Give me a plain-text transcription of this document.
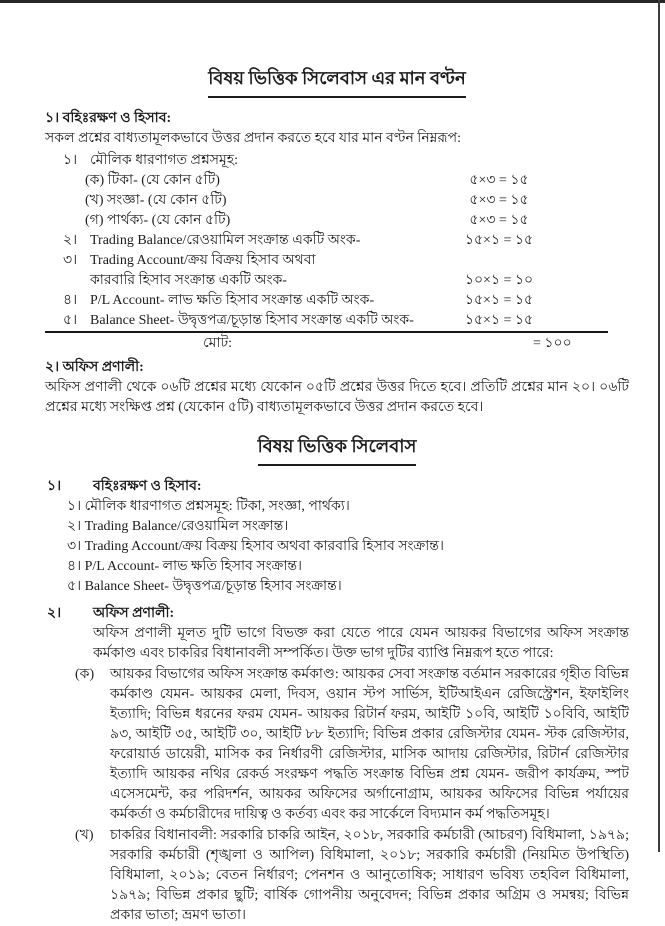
বিষয় ভিত্তিক সিলেবাস এর মান বণ্টন
১। বহিঃরক্ষণ ও হিসাব:

সকল প্রশ্নের বাধ্যতামূলকভাবে উত্তর প্রদান করতে হবে যার মান বণ্টন নিম্নরূপ:

১। মৌলিক ধারণাগত প্রশ্নসমূহ:
(ক) টিকা- (যে কোন ৫টি)	৫×৩ = ১৫
(খ) সংজ্ঞা- (যে কোন ৫টি)	৫×৩ = ১৫
(গ) পার্থক্য- (যে কোন ৫টি)	৫×৩ = ১৫
২। Trading Balance/রেওয়ামিল সংক্রান্ত একটি অংক-	১৫×১ = ১৫
৩। Trading Account/ক্রয় বিক্রয় হিসাব অথবা
কারবারি হিসাব সংক্রান্ত একটি অংক-	১০×১ = ১০
৪। P/L Account- লাভ ক্ষতি হিসাব সংক্রান্ত একটি অংক-	১৫×১ = ১৫
৫। Balance Sheet- উদ্বৃত্তপত্র/চূড়ান্ত হিসাব সংক্রান্ত একটি অংক-	১৫×১ = ১৫
মোট:	= ১০০
২। অফিস প্রণালী:

অফিস প্রণালী থেকে ০৬টি প্রশ্নের মধ্যে যেকোন ০৫টি প্রশ্নের উত্তর দিতে হবে। প্রতিটি প্রশ্নের মান ২০। ০৬টি প্রশ্নের মধ্যে সংক্ষিপ্ত প্রশ্ন (যেকোন ৫টি) বাধ্যতামূলকভাবে উত্তর প্রদান করতে হবে।

বিষয় ভিত্তিক সিলেবাস
১। বহিঃরক্ষণ ও হিসাব:
১। মৌলিক ধারণাগত প্রশ্নসমূহ: টিকা, সংজ্ঞা, পার্থক্য।
২। Trading Balance/রেওয়ামিল সংক্রান্ত।
৩। Trading Account/ক্রয় বিক্রয় হিসাব অথবা কারবারি হিসাব সংক্রান্ত।
৪। P/L Account- লাভ ক্ষতি হিসাব সংক্রান্ত।
৫। Balance Sheet- উদ্বৃত্তপত্র/চূড়ান্ত হিসাব সংক্রান্ত।
২। অফিস প্রণালী:

অফিস প্রণালী মূলত দুটি ভাগে বিভক্ত করা যেতে পারে যেমন আয়কর বিভাগের অফিস সংক্রান্ত কর্মকাণ্ড এবং চাকরির বিধানাবলী সম্পর্কিত। উক্ত ভাগ দুটির ব্যাপ্তি নিম্নরূপ হতে পারে:

(ক) আয়কর বিভাগের অফিস সংক্রান্ত কর্মকাণ্ড: আয়কর সেবা সংক্রান্ত বর্তমান সরকারের গৃহীত বিভিন্ন কর্মকাণ্ড যেমন- আয়কর মেলা, দিবস, ওয়ান স্টপ সার্ভিস, ইটিআইএন রেজিস্ট্রেশন, ইফাইলিং ইত্যাদি; বিভিন্ন ধরনের ফরম যেমন- আয়কর রিটার্ন ফরম, আইটি ১০বি, আইটি ১০বিবি, আইটি ৯৩, আইটি ৩৫, আইটি ৩০, আইটি ৮৮ ইত্যাদি; বিভিন্ন প্রকার রেজিস্টার যেমন- স্টক রেজিস্টার, ফরোয়ার্ড ডায়েরী, মাসিক কর নির্ধারণী রেজিস্টার, মাসিক আদায় রেজিস্টার, রিটার্ন রেজিস্টার ইত্যাদি আয়কর নথির রেকর্ড সংরক্ষণ পদ্ধতি সংক্রান্ত বিভিন্ন প্রশ্ন যেমন- জরীপ কার্যক্রম, স্পট এসেসমেন্ট, কর পরিদর্শন, আয়কর অফিসের অর্গানোগ্রাম, আয়কর অফিসের বিভিন্ন পর্যায়ের কর্মকর্তা ও কর্মচারীদের দায়িত্ব ও কর্তব্য এবং কর সার্কেলে বিদ্যমান কর্ম পদ্ধতিসমূহ।
(খ) চাকরির বিধানাবলী: সরকারি চাকরি আইন, ২০১৮, সরকারি কর্মচারী (আচরণ) বিধিমালা, ১৯৭৯; সরকারি কর্মচারী (শৃঙ্খলা ও আপিল) বিধিমালা, ২০১৮; সরকারি কর্মচারী (নিয়মিত উপস্থিতি) বিধিমালা, ২০১৯; বেতন নির্ধারণ; পেনশন ও আনুতোষিক; সাধারণ ভবিষ্য তহবিল বিধিমালা, ১৯৭৯; বিভিন্ন প্রকার ছুটি; বার্ষিক গোপনীয় অনুবেদন; বিভিন্ন প্রকার অগ্রিম ও সমন্বয়; বিভিন্ন প্রকার ভাতা; ভ্রমণ ভাতা।
